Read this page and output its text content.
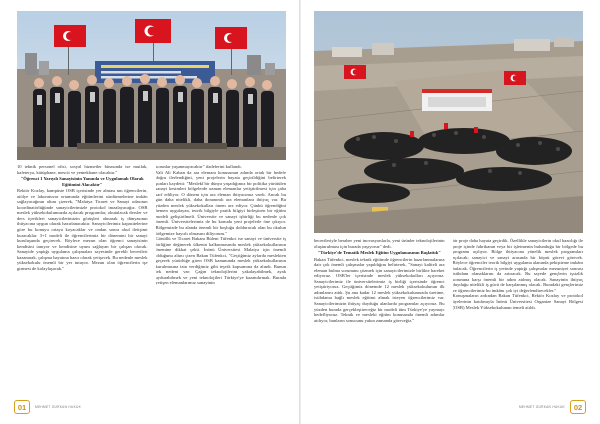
10 teknik personel ofisi, sosyal hizmetler binasında ise mutfak, kafeterya, kütüphane, mescit ve yemekhane olacaktır."

"Öğrenci 1 Yarıyılı Sanayisinin Yanında ve Uygulamalı Olarak Eğitimini Alacaktır"

Rektör Kozlay, kampüste OSB içerisinde yer alması nın öğrencilerin, atölye ve laboratuvar ortamında eğitimlerini sürdürmelerine imkân sağlayacağının altını çizerek, "Malatya Ticaret ve Sanayi odasının koordinatörlüğünde sanayicilerimizle protokol imzalayacağız. OSB meslek yüksekokulumuzda açılacak programlar, okutulacak dersler ve ders içerikleri sanayicilerimizin görüşleri alınarak iş dünyasının ihtiyacına uygun olarak hazırlanacaktır. Sanayicilerimiz kapasitelerine göre bu konuyu ortaya koyacaklar ve ondan sonra okul iletişimi kuracaklar. 3+1 modeli ile öğrencilerimiz bir dönemini bir sanayi kuruluşunda geçirecek. Böylece mezun olan öğrenci sanayisinin kendisini tanıyor ve kendisine uyum sağlayan bir çalışan olacak. Sanayide yaptığı uygulama çalışmaları sayesinde gerekli becerileri kazanarak, çalışma hayatına hazır olarak yetişecek. Bu nedenle meslek yüksekokulu önemli bir yer tutuyor. Mezun olan öğrencilerin işe girmesi de kolaylaşacak."

sorunlar yaşanmayacaktır" ifadelerini kullandı.

Vali Ali Kaban da ara elemanı konusunun adında ortak bir hedefe doğru ilerlendiğini, yeni projelerin hayata geçirildiğini belirterek şunları kaydetti: "Meslekî bir dünya yaşadığımız bir politika yürütülen sanayi kesimleri bölgelerde uzman elemanlar yetiştirilmesi için çaba sarf ediliyor. O dönem için ara eleman ihtiyacımız vardı. Ancak bu gün daha nitelikli, daha donanımlı ara elemanlara ihtiyaç var. Bu yüzden meslek yüksekokulları önem arz ediyor. Çünkü öğrendiğini hemen uygulayan, teorik bilgiyle pratik bilgiyi birleştiren bir eğitim modeli geliştirilmeli. Üniversite ve sanayi işbirliği bu nedenle çok önemli. Üniversitelerimiz de bu konuda yeni projelerle öne çıkıyor. Bölgemizde bu alanda önemli bir boşluğu dolduracak olan bu okulun bölgemize hayırlı olmasını diliyorum."

Gönüllü ve Ticaret Bakanı Bülent Tüfenkci ise sanayi ve üniversite iş birliğine değinerek ülkenin kalkınmasında meslek yüksekokullarının önemine dikkat çekti. İnönü Üniversitesi Malatya için önemli olduğunu altını çizen Bakan Tüfenkci, "Geçtiğimiz aylarda meslekten geçerek yürürlüğe giren OSB kanununda meslek yüksekokullarının kurulmasına izin verdiğimiz gibi teşvik kapsamına da alındı. Bunun tek nedeni var: Çağın teknolojilerini yakalayabilmek, ayak uydurabilmek ve yeni teknolojileri Türkiye'ye kazandırmak. Burada yetişen elemanlarımız sanayinin

01	MEHMET GÜRKAN HUKUK

becerileriyle beraber yeni inovasyonlarla, yeni ürünler teknolojilerinin oluşturulması için burada yaşıyoruz" dedi.

"Türkiye'de Tematik Meslek Eğitim Uygulamasının Başlattık"

Bakan Tüfenkci, meslek teknik eğitimde öğrencilerin hazırlanmalarına dair çok önemli çalışmalar yapıldığını belirterek, "Sanayi kaliteli ara eleman bulma sorununu çözmek için sanayicilerimizle birlikte hareket ediyoruz. OSB'ler içerisinde meslek yüksekokulları açıyoruz. Sanayicilerimiz ile üniversitelerimiz iş birliği içerisinde öğrenci yetiştiriyoruz. Geçtiğimiz dönemde 12 meslek yüksekokulunun ilk adımlarını attık. Şu ana kadar 12 meslek yüksekokulumuzda üretime, istihdama bağlı meslek eğitimi almak isteyen öğrencilerimiz var. Sanayicilerimizin ihtiyaç duyduğu alanlarda programlar açıyoruz. Bu yüzden burada gerçekleştireceğiz bir modeli tüm Türkiye'ye yaymayı hedefliyoruz. Teknik ve mesleki eğitim konusunda önemli adımlar atılıyor, bunların sonucunu yakın zamanda göreceğiz."

bir proje daha hayata geçirdik. Özellikle sanayicilerin okul hazırlığı ile proje içinde fabrikanın veya bir işletmenin bulunduğu bir bölgede bu programı açılıyor. Bölge ihtiyacına yönelik meslek programları açılacak; sanayici ve sanayi arasında bir köprü görevi görecek. Böylece öğrenciler teorik bilgiyi uygulama alanında pekiştirme imkânı bulacak. Öğrencilerin iş yerinde yaptığı çalışmalar mezuniyet sonrası istihdam olanaklarını da artıracak. Bu sayede gençlerin işsizlik sorununa karşı önemli bir adım atılmış olacak. Sanayinin ihtiyaç duyduğu nitelikli iş gücü de karşılanmış olacak. Buradaki gençlerimiz ve öğrencilerimiz bu imkânı çok iyi değerlendirecekler."

Konuşmaların ardından Bakan Tüfenkci, Rektör Kozlay ve protokol üyelerinin katılımıyla İnönü Üniversitesi Organize Sanayi Bölgesi (OSB) Meslek Yüksekokulunun temeli atıldı.

MEHMET GÜRKAN HUKUK	02
